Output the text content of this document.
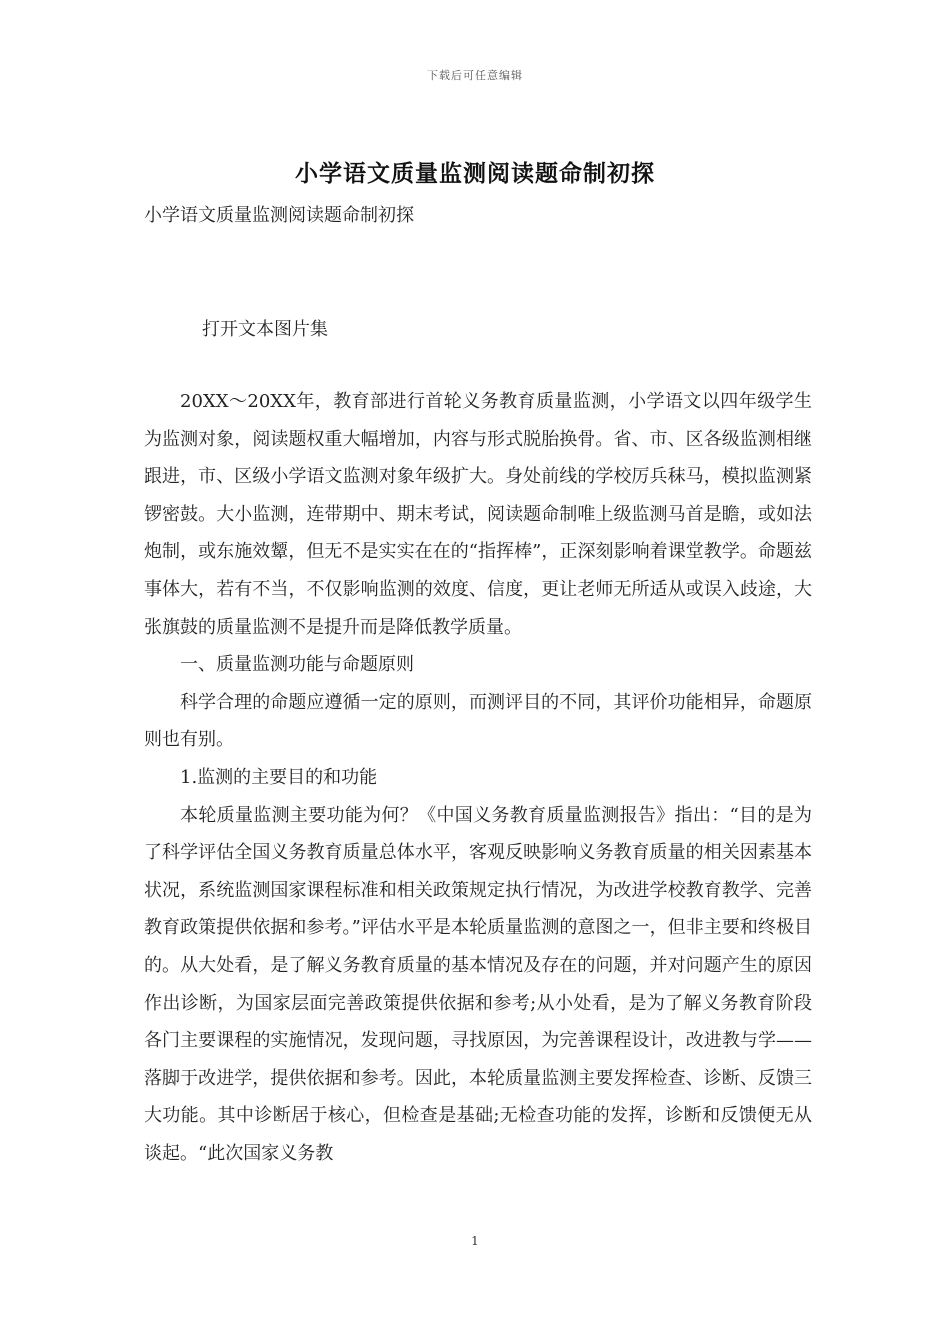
下载后可任意编辑
小学语文质量监测阅读题命制初探
小学语文质量监测阅读题命制初探
打开文本图片集

20XX～20XX年，教育部进行首轮义务教育质量监测，小学语文以四年级学生为监测对象，阅读题权重大幅增加，内容与形式脱胎换骨。省、市、区各级监测相继跟进，市、区级小学语文监测对象年级扩大。身处前线的学校厉兵秣马，模拟监测紧锣密鼓。大小监测，连带期中、期末考试，阅读题命制唯上级监测马首是瞻，或如法炮制，或东施效颦，但无不是实实在在的“指挥棒”，正深刻影响着课堂教学。命题兹事体大，若有不当，不仅影响监测的效度、信度，更让老师无所适从或误入歧途，大张旗鼓的质量监测不是提升而是降低教学质量。

一、质量监测功能与命题原则

科学合理的命题应遵循一定的原则，而测评目的不同，其评价功能相异，命题原则也有别。

1.监测的主要目的和功能

本轮质量监测主要功能为何？《中国义务教育质量监测报告》指出：“目的是为了科学评估全国义务教育质量总体水平，客观反映影响义务教育质量的相关因素基本状况，系统监测国家课程标准和相关政策规定执行情况，为改进学校教育教学、完善教育政策提供依据和参考。”评估水平是本轮质量监测的意图之一，但非主要和终极目的。从大处看，是了解义务教育质量的基本情况及存在的问题，并对问题产生的原因作出诊断，为国家层面完善政策提供依据和参考;从小处看，是为了解义务教育阶段各门主要课程的实施情况，发现问题，寻找原因，为完善课程设计，改进教与学——落脚于改进学，提供依据和参考。因此，本轮质量监测主要发挥检查、诊断、反馈三大功能。其中诊断居于核心，但检查是基础;无检查功能的发挥，诊断和反馈便无从谈起。“此次国家义务教

1
